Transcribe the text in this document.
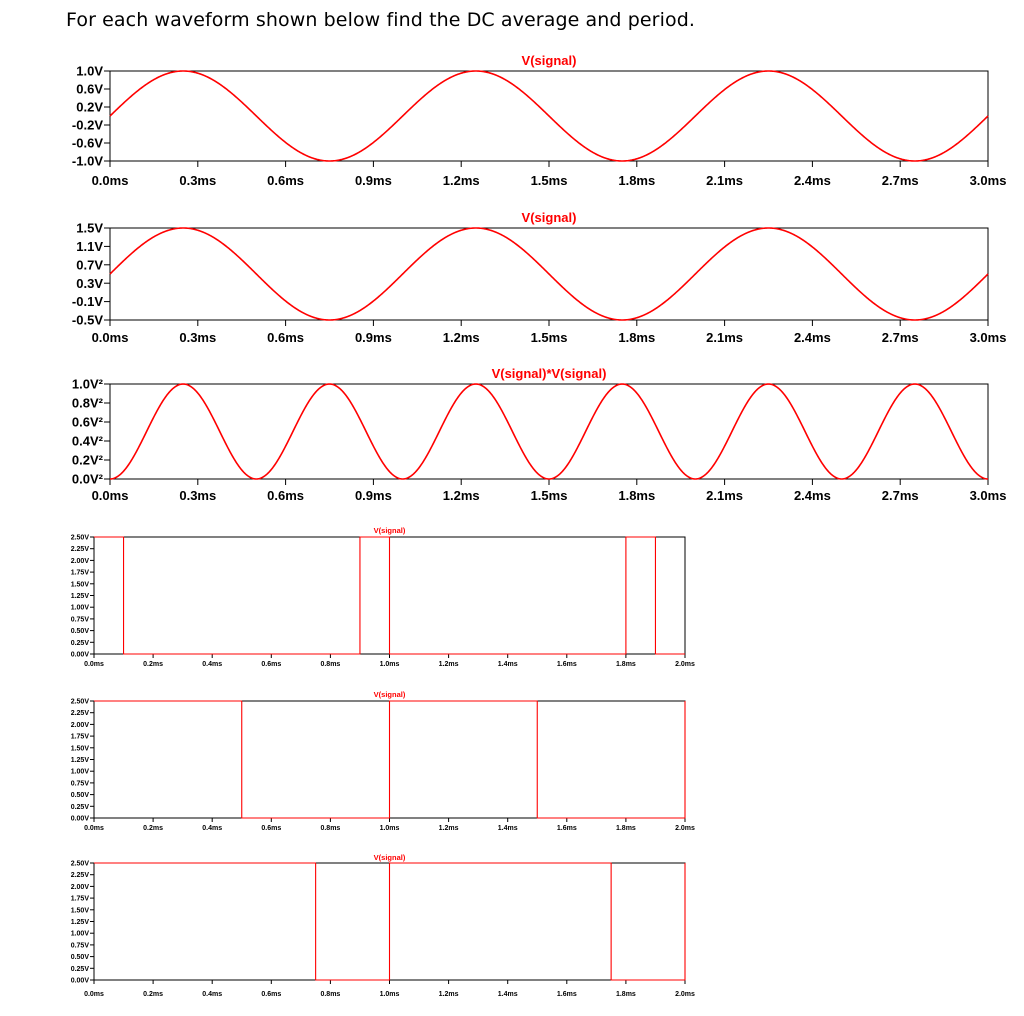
For each waveform shown below find the DC average and period.
V(signal)
1.0V
0.6V
0.2V
-0.2V
-0.6V
-1.0V
0.0ms	0.3ms	0.6ms	0.9ms	1.2ms	1.5ms	1.8ms	2.1ms	2.4ms	2.7ms	3.0ms
V(signal)
1.5V
1.1V
0.7V
0.3V
-0.1V
-0.5V
0.0ms	0.3ms	0.6ms	0.9ms	1.2ms	1.5ms	1.8ms	2.1ms	2.4ms	2.7ms	3.0ms
V(signal)*V(signal)
1.0V²
0.8V²
0.6V²
0.4V²
0.2V²
0.0V²
0.0ms	0.3ms	0.6ms	0.9ms	1.2ms	1.5ms	1.8ms	2.1ms	2.4ms	2.7ms	3.0ms
V(signal)
2.50V
2.25V
2.00V
1.75V
1.50V
1.25V
1.00V
0.75V
0.50V
0.25V
0.00V
0.0ms	0.2ms	0.4ms	0.6ms	0.8ms	1.0ms	1.2ms	1.4ms	1.6ms	1.8ms	2.0ms
V(signal)
2.50V
2.25V
2.00V
1.75V
1.50V
1.25V
1.00V
0.75V
0.50V
0.25V
0.00V
0.0ms	0.2ms	0.4ms	0.6ms	0.8ms	1.0ms	1.2ms	1.4ms	1.6ms	1.8ms	2.0ms
V(signal)
2.50V
2.25V
2.00V
1.75V
1.50V
1.25V
1.00V
0.75V
0.50V
0.25V
0.00V
0.0ms	0.2ms	0.4ms	0.6ms	0.8ms	1.0ms	1.2ms	1.4ms	1.6ms	1.8ms	2.0ms
